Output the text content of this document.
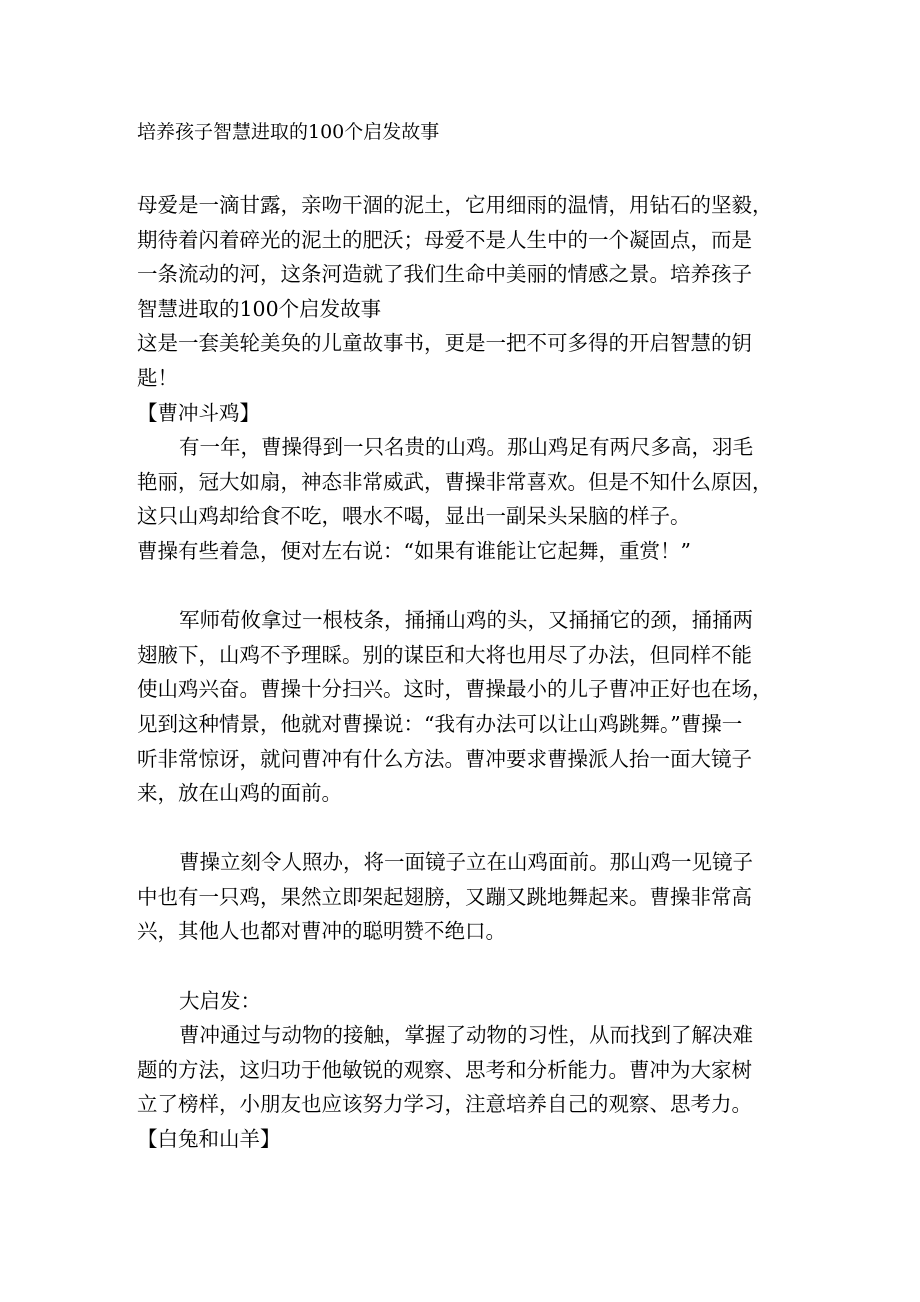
培养孩子智慧进取的100个启发故事

母爱是一滴甘露，亲吻干涸的泥土，它用细雨的温情，用钻石的坚毅，

期待着闪着碎光的泥土的肥沃；母爱不是人生中的一个凝固点，而是

一条流动的河，这条河造就了我们生命中美丽的情感之景。培养孩子

智慧进取的100个启发故事

这是一套美轮美奂的儿童故事书，更是一把不可多得的开启智慧的钥

匙！

【曹冲斗鸡】

有一年，曹操得到一只名贵的山鸡。那山鸡足有两尺多高，羽毛

艳丽，冠大如扇，神态非常威武，曹操非常喜欢。但是不知什么原因，

这只山鸡却给食不吃，喂水不喝，显出一副呆头呆脑的样子。

曹操有些着急，便对左右说：“如果有谁能让它起舞，重赏！”

军师荀攸拿过一根枝条，捅捅山鸡的头，又捅捅它的颈，捅捅两

翅腋下，山鸡不予理睬。别的谋臣和大将也用尽了办法，但同样不能

使山鸡兴奋。曹操十分扫兴。这时，曹操最小的儿子曹冲正好也在场，

见到这种情景，他就对曹操说：“我有办法可以让山鸡跳舞。”曹操一

听非常惊讶，就问曹冲有什么方法。曹冲要求曹操派人抬一面大镜子

来，放在山鸡的面前。

曹操立刻令人照办，将一面镜子立在山鸡面前。那山鸡一见镜子

中也有一只鸡，果然立即架起翅膀，又蹦又跳地舞起来。曹操非常高

兴，其他人也都对曹冲的聪明赞不绝口。

大启发：

曹冲通过与动物的接触，掌握了动物的习性，从而找到了解决难

题的方法，这归功于他敏锐的观察、思考和分析能力。曹冲为大家树

立了榜样，小朋友也应该努力学习，注意培养自己的观察、思考力。

【白兔和山羊】
